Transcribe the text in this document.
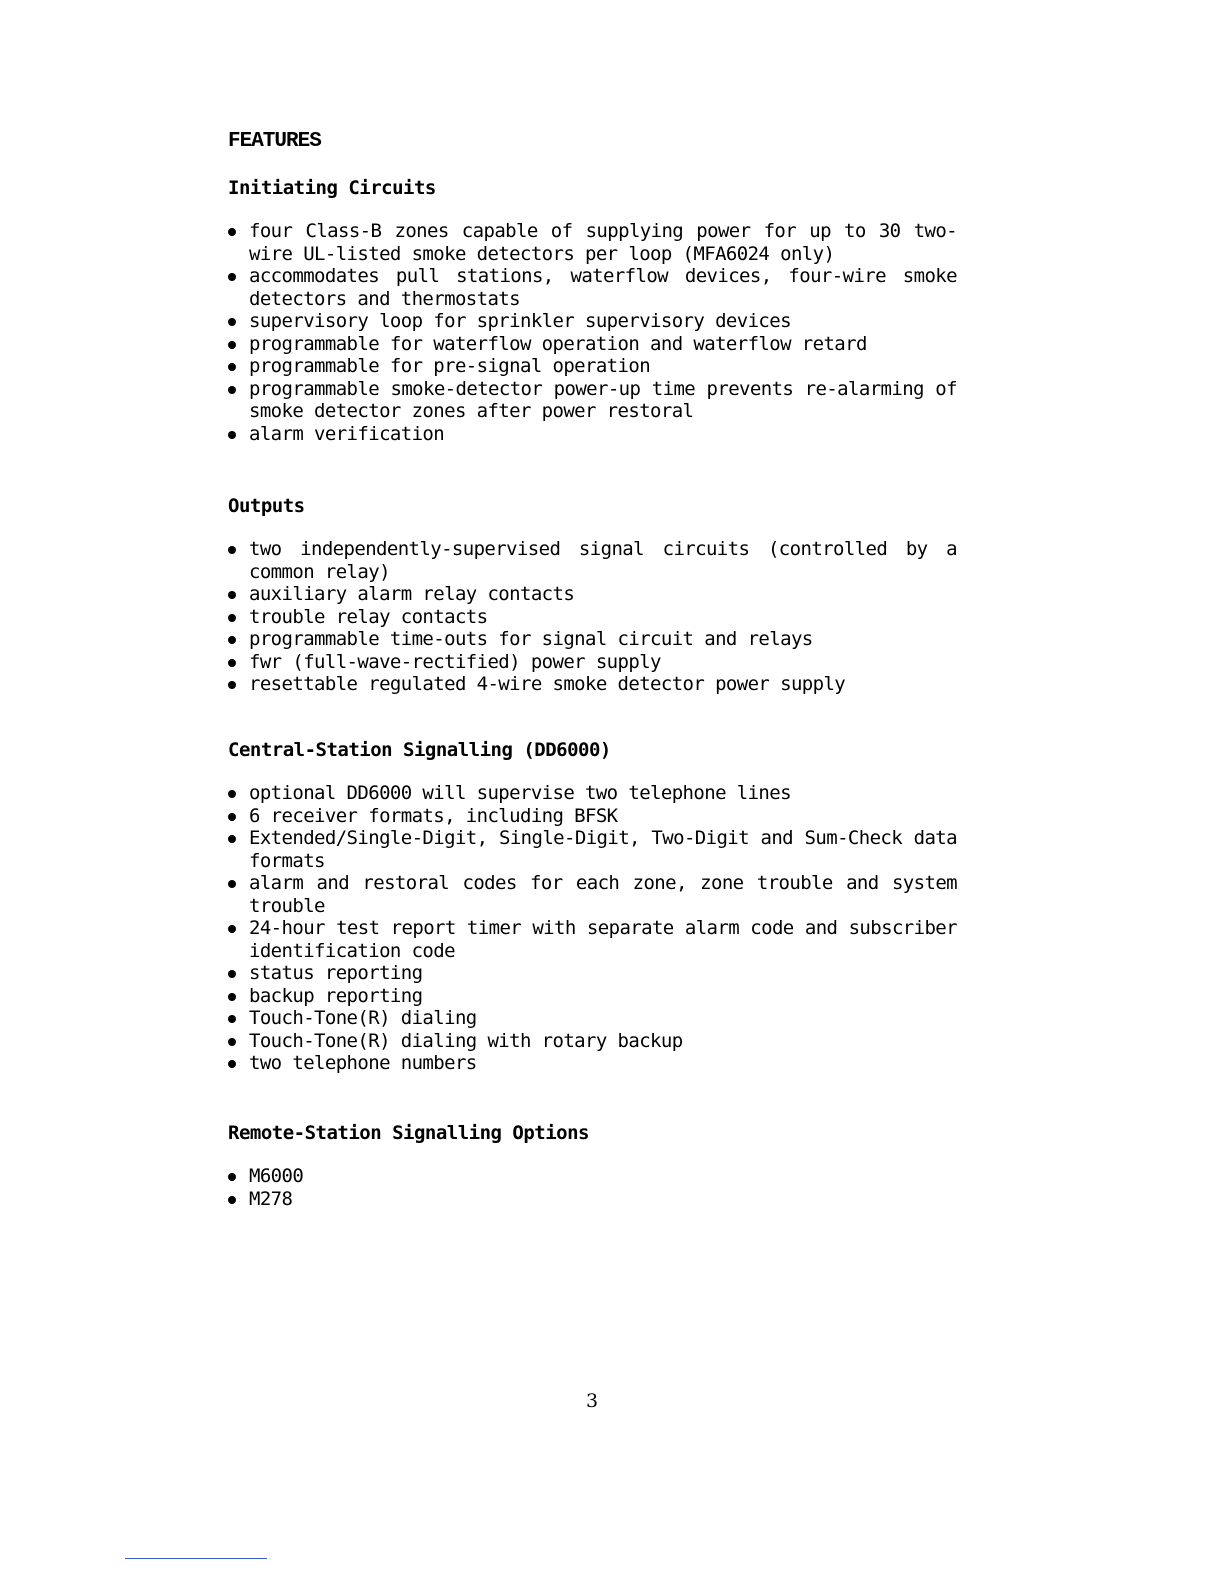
FEATURES
Initiating Circuits
four Class-B zones capable of supplying power for up to 30 two-wire UL-listed smoke detectors per loop (MFA6024 only)
accommodates pull stations, waterflow devices, four-wire smoke detectors and thermostats
supervisory loop for sprinkler supervisory devices
programmable for waterflow operation and waterflow retard
programmable for pre-signal operation
programmable smoke-detector power-up time prevents re-alarming of smoke detector zones after power restoral
alarm verification
Outputs
two independently-supervised signal circuits (controlled by a common relay)
auxiliary alarm relay contacts
trouble relay contacts
programmable time-outs for signal circuit and relays
fwr (full-wave-rectified) power supply
resettable regulated 4-wire smoke detector power supply
Central-Station Signalling (DD6000)
optional DD6000 will supervise two telephone lines
6 receiver formats, including BFSK
Extended/Single-Digit, Single-Digit, Two-Digit and Sum-Check data formats
alarm and restoral codes for each zone, zone trouble and system trouble
24-hour test report timer with separate alarm code and subscriber identification code
status reporting
backup reporting
Touch-Tone(R) dialing
Touch-Tone(R) dialing with rotary backup
two telephone numbers
Remote-Station Signalling Options
M6000
M278
3
